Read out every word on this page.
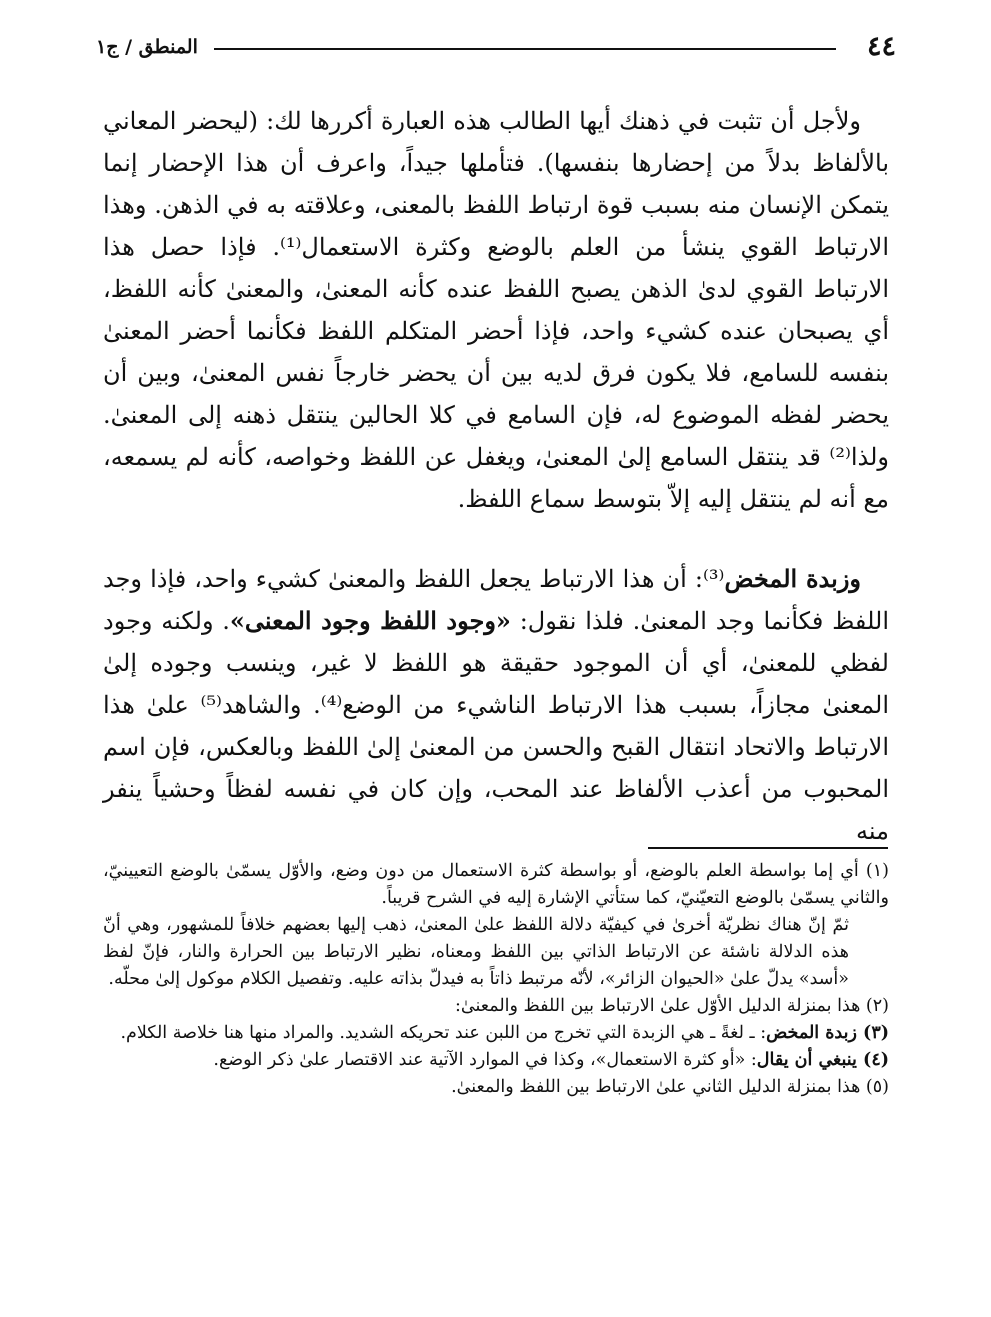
٤٤
المنطق / ج١

ولأجل أن تثبت في ذهنك أيها الطالب هذه العبارة أكررها لك: (ليحضر المعاني بالألفاظ بدلاً من إحضارها بنفسها). فتأملها جيداً، واعرف أن هذا الإحضار إنما يتمكن الإنسان منه بسبب قوة ارتباط اللفظ بالمعنى، وعلاقته به في الذهن. وهذا الارتباط القوي ينشأ من العلم بالوضع وكثرة الاستعمال⁽¹⁾. فإذا حصل هذا الارتباط القوي لدىٰ الذهن يصبح اللفظ عنده كأنه المعنىٰ، والمعنىٰ كأنه اللفظ، أي يصبحان عنده كشيء واحد، فإذا أحضر المتكلم اللفظ فكأنما أحضر المعنىٰ بنفسه للسامع، فلا يكون فرق لديه بين أن يحضر خارجاً نفس المعنىٰ، وبين أن يحضر لفظه الموضوع له، فإن السامع في كلا الحالين ينتقل ذهنه إلى المعنىٰ. ولذا⁽²⁾ قد ينتقل السامع إلىٰ المعنىٰ، ويغفل عن اللفظ وخواصه، كأنه لم يسمعه، مع أنه لم ينتقل إليه إلاّ بتوسط سماع اللفظ.

وزبدة المخض⁽³⁾: أن هذا الارتباط يجعل اللفظ والمعنىٰ كشيء واحد، فإذا وجد اللفظ فكأنما وجد المعنىٰ. فلذا نقول: «وجود اللفظ وجود المعنى». ولكنه وجود لفظي للمعنىٰ، أي أن الموجود حقيقة هو اللفظ لا غير، وينسب وجوده إلىٰ المعنىٰ مجازاً، بسبب هذا الارتباط الناشيء من الوضع⁽⁴⁾. والشاهد⁽⁵⁾ علىٰ هذا الارتباط والاتحاد انتقال القبح والحسن من المعنىٰ إلىٰ اللفظ وبالعكس، فإن اسم المحبوب من أعذب الألفاظ عند المحب، وإن كان في نفسه لفظاً وحشياً ينفر منه

(١) أي إما بواسطة العلم بالوضع، أو بواسطة كثرة الاستعمال من دون وضع، والأوّل يسمّىٰ بالوضع التعيينيّ، والثاني يسمّىٰ بالوضع التعيّنيّ، كما ستأتي الإشارة إليه في الشرح قريباً.

ثمّ إنّ هناك نظريّة أخرىٰ في كيفيّة دلالة اللفظ علىٰ المعنىٰ، ذهب إليها بعضهم خلافاً للمشهور، وهي أنّ هذه الدلالة ناشئة عن الارتباط الذاتي بين اللفظ ومعناه، نظير الارتباط بين الحرارة والنار، فإنّ لفظ «أسد» يدلّ علىٰ «الحيوان الزائر»، لأنّه مرتبط ذاتاً به فيدلّ بذاته عليه. وتفصيل الكلام موكول إلىٰ محلّه.

(٢) هذا بمنزلة الدليل الأوّل علىٰ الارتباط بين اللفظ والمعنىٰ:

(٣) زبدة المخض: ـ لغةً ـ هي الزبدة التي تخرج من اللبن عند تحريكه الشديد. والمراد منها هنا خلاصة الكلام.

(٤) ينبغي أن يقال: «أو كثرة الاستعمال»، وكذا في الموارد الآتية عند الاقتصار علىٰ ذكر الوضع.

(٥) هذا بمنزلة الدليل الثاني علىٰ الارتباط بين اللفظ والمعنىٰ.
